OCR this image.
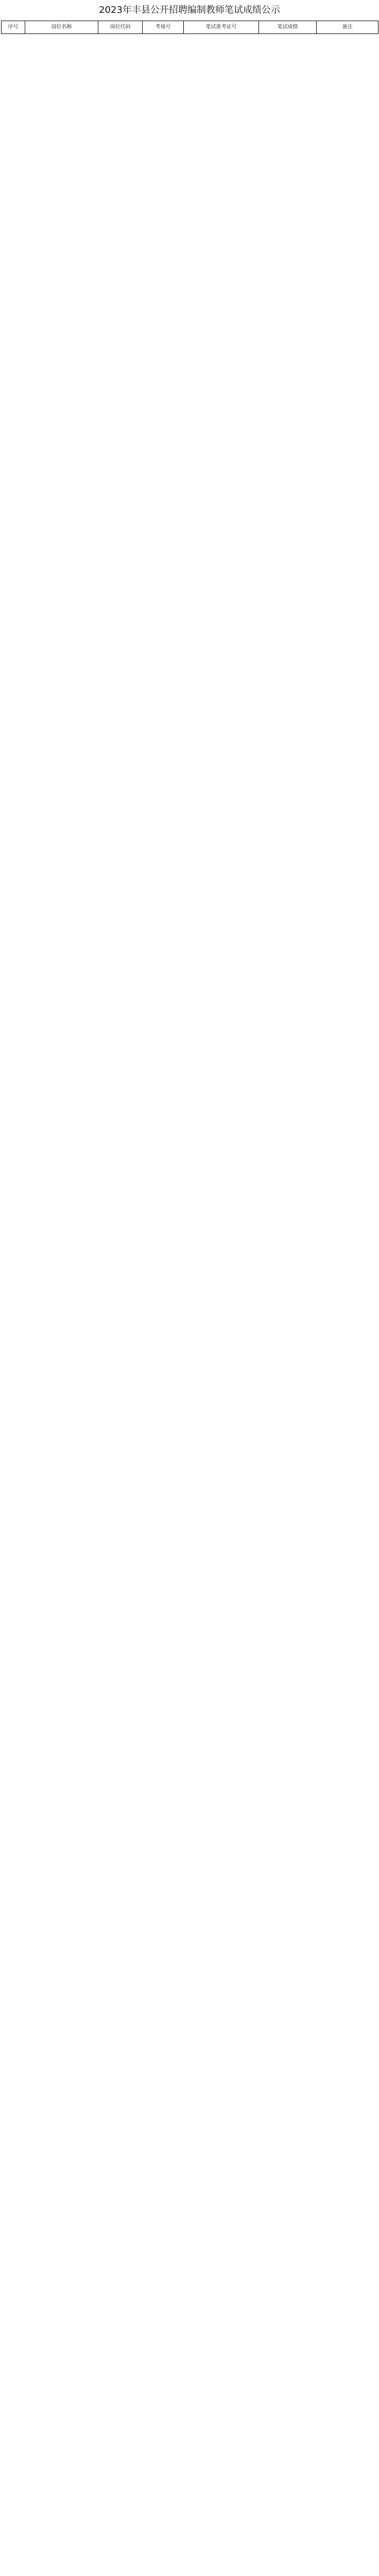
2023年丰县公开招聘编制教师笔试成绩公示
序号	岗位名称	岗位代码	考场号	笔试准考证号	笔试成绩	备注
